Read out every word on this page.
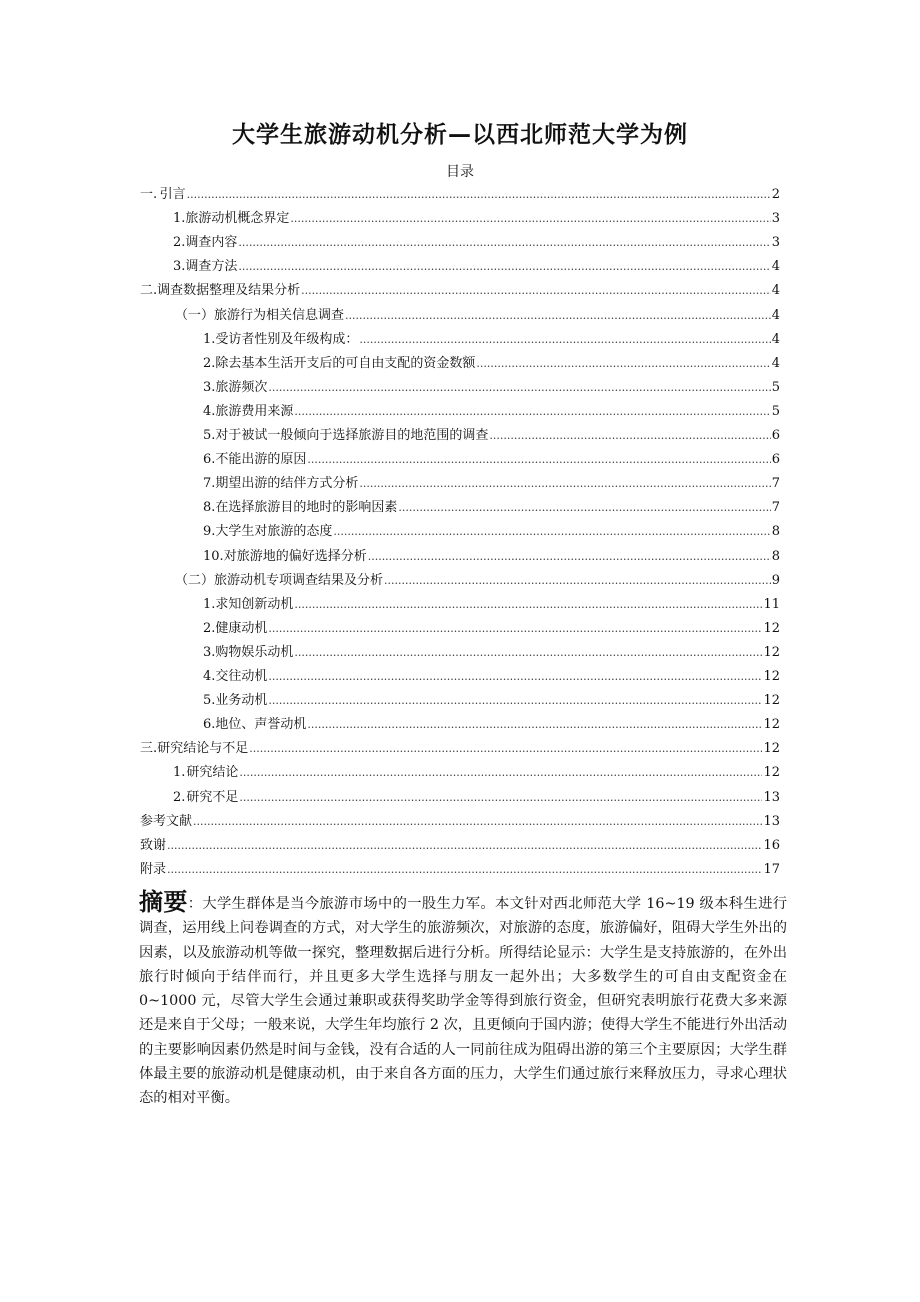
大学生旅游动机分析—以西北师范大学为例
目录
一. 引言 .....	2
1. 旅游动机概念界定 .....	3
2. 调查内容 .....	3
3. 调查方法 .....	4
二. 调查数据整理及结果分析 .....	4
（一） 旅游行为相关信息调查 .....	4
1. 受访者性别及年级构成： .....	4
2. 除去基本生活开支后的可自由支配的资金数额 .....	4
3. 旅游频次 .....	5
4. 旅游费用来源 .....	5
5. 对于被试一般倾向于选择旅游目的地范围的调查 .....	6
6. 不能出游的原因 .....	6
7. 期望出游的结伴方式分析 .....	7
8. 在选择旅游目的地时的影响因素 .....	7
9. 大学生对旅游的态度 .....	8
10. 对旅游地的偏好选择分析 .....	8
（二） 旅游动机专项调查结果及分析 .....	9
1. 求知创新动机 .....	11
2. 健康动机 .....	12
3. 购物娱乐动机 .....	12
4. 交往动机 .....	12
5. 业务动机 .....	12
6. 地位、声誉动机 .....	12
三. 研究结论与不足 .....	12
1. 研究结论 .....	12
2. 研究不足 .....	13
参考文献 .....	13
致谢 .....	16
附录 .....	17
摘要：大学生群体是当今旅游市场中的一股生力军。本文针对西北师范大学 16~19 级本科生进行调查，运用线上问卷调查的方式，对大学生的旅游频次，对旅游的态度，旅游偏好，阻碍大学生外出的因素，以及旅游动机等做一探究，整理数据后进行分析。所得结论显示：大学生是支持旅游的，在外出旅行时倾向于结伴而行，并且更多大学生选择与朋友一起外出；大多数学生的可自由支配资金在 0~1000 元，尽管大学生会通过兼职或获得奖助学金等得到旅行资金，但研究表明旅行花费大多来源还是来自于父母；一般来说，大学生年均旅行 2 次，且更倾向于国内游；使得大学生不能进行外出活动的主要影响因素仍然是时间与金钱，没有合适的人一同前往成为阻碍出游的第三个主要原因；大学生群体最主要的旅游动机是健康动机，由于来自各方面的压力，大学生们通过旅行来释放压力，寻求心理状态的相对平衡。
